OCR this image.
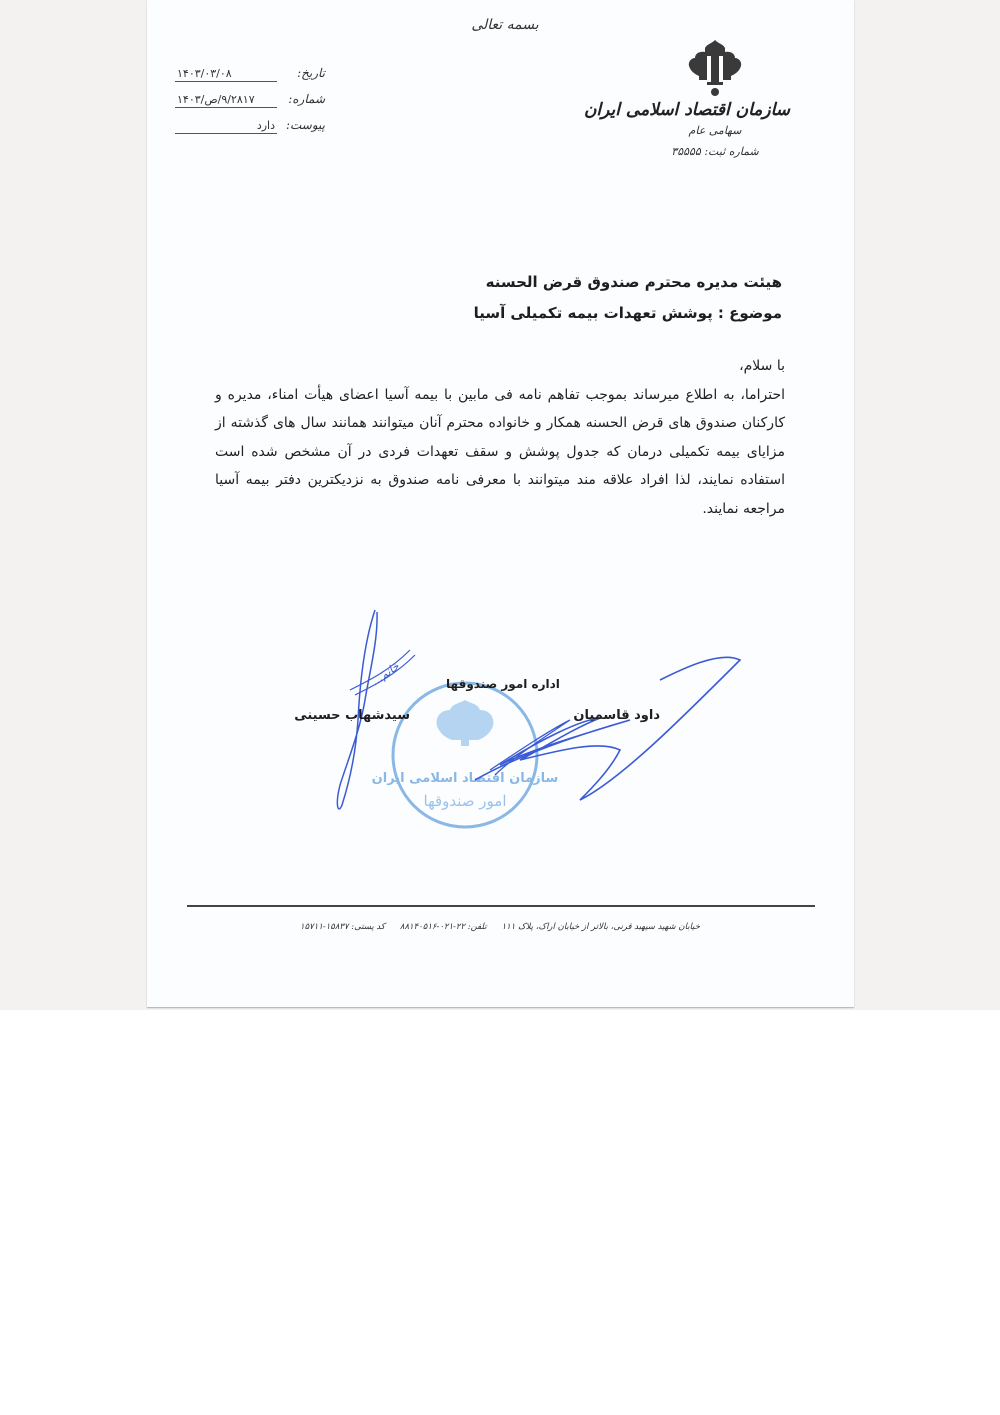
بسمه تعالی
تاریخ:
۱۴۰۳/۰۳/۰۸
شماره:
۹/۲۸۱۷/ص/۱۴۰۳
پیوست:
دارد
سازمان اقتصاد اسلامی ایران
سهامی عام
شماره ثبت: ۳۵۵۵۵
هیئت مدیره محترم صندوق قرض الحسنه
موضوع : پوشش تعهدات بیمه تکمیلی آسیا

با سلام،

احتراما، به اطلاع میرساند بموجب تفاهم نامه فی مابین با بیمه آسیا اعضای هیأت امناء، مدیره و کارکنان صندوق های قرض الحسنه همکار و خانواده محترم آنان میتوانند همانند سال های گذشته از مزایای بیمه تکمیلی درمان که جدول پوشش و سقف تعهدات فردی در آن مشخص شده است استفاده نمایند، لذا افراد علاقه مند میتوانند با معرفی نامه صندوق به نزدیکترین دفتر بیمه آسیا مراجعه نمایند.

سازمان اقتصاد اسلامی ایران
امور صندوقها
خانم...	اداره امور صندوقها
داود قاسمیان
سیدشهاب حسینی
خیابان شهید سپهبد قرنی، بالاتر از خیابان اراک، پلاک ۱۱۱
تلفن: ۲۲-۰۲۱-۸۸۱۴۰۵۱۶
کد پستی: ۱۵۸۳۷-۱۵۷۱۱
